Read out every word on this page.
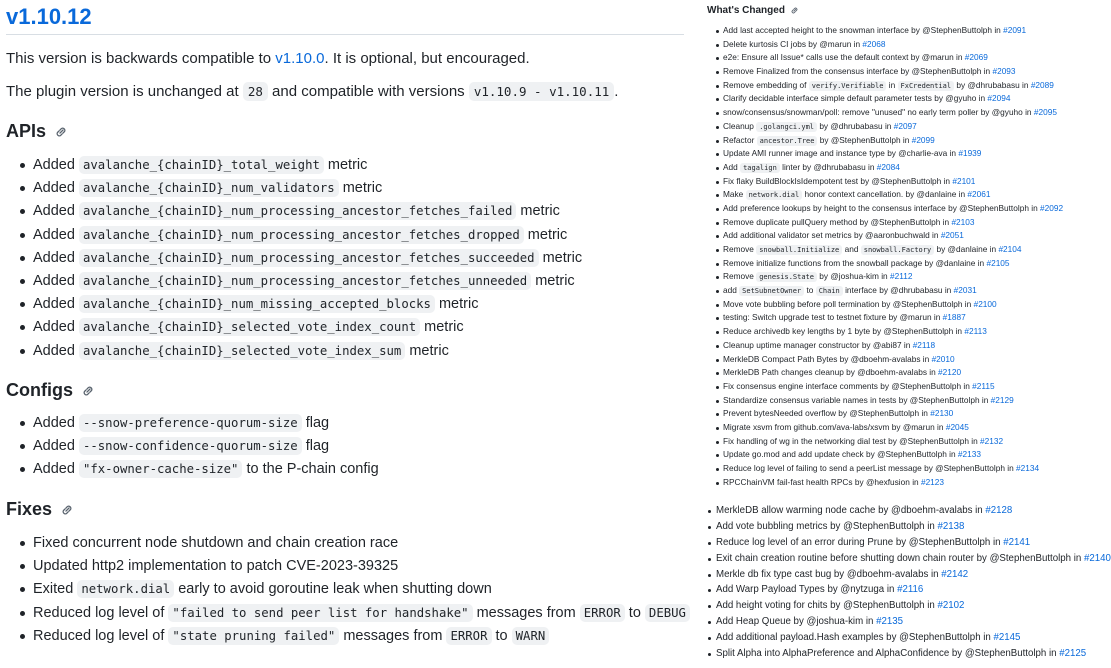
v1.10.12

This version is backwards compatible to v1.10.0. It is optional, but encouraged.

The plugin version is unchanged at 28 and compatible with versions v1.10.9 - v1.10.11 .

APIs
Added avalanche_{chainID}_total_weight metric
Added avalanche_{chainID}_num_validators metric
Added avalanche_{chainID}_num_processing_ancestor_fetches_failed metric
Added avalanche_{chainID}_num_processing_ancestor_fetches_dropped metric
Added avalanche_{chainID}_num_processing_ancestor_fetches_succeeded metric
Added avalanche_{chainID}_num_processing_ancestor_fetches_unneeded metric
Added avalanche_{chainID}_num_missing_accepted_blocks metric
Added avalanche_{chainID}_selected_vote_index_count metric
Added avalanche_{chainID}_selected_vote_index_sum metric
Configs
Added --snow-preference-quorum-size flag
Added --snow-confidence-quorum-size flag
Added "fx-owner-cache-size" to the P-chain config
Fixes
Fixed concurrent node shutdown and chain creation race
Updated http2 implementation to patch CVE-2023-39325
Exited network.dial early to avoid goroutine leak when shutting down
Reduced log level of "failed to send peer list for handshake" messages from ERROR to DEBUG
Reduced log level of "state pruning failed" messages from ERROR to WARN
What's Changed
Add last accepted height to the snowman interface by @StephenButtolph in #2091
Delete kurtosis CI jobs by @marun in #2068
e2e: Ensure all Issue* calls use the default context by @marun in #2069
Remove Finalized from the consensus interface by @StephenButtolph in #2093
Remove embedding of verify.Verifiable in FxCredential by @dhrubabasu in #2089
Clarify decidable interface simple default parameter tests by @gyuho in #2094
snow/consensus/snowman/poll: remove "unused" no early term poller by @gyuho in #2095
Cleanup .golangci.yml by @dhrubabasu in #2097
Refactor ancestor.Tree by @StephenButtolph in #2099
Update AMI runner image and instance type by @charlie-ava in #1939
Add tagalign linter by @dhrubabasu in #2084
Fix flaky BuildBlockIsIdempotent test by @StephenButtolph in #2101
Make network.dial honor context cancellation. by @danlaine in #2061
Add preference lookups by height to the consensus interface by @StephenButtolph in #2092
Remove duplicate pullQuery method by @StephenButtolph in #2103
Add additional validator set metrics by @aaronbuchwald in #2051
Remove snowball.Initialize and snowball.Factory by @danlaine in #2104
Remove initialize functions from the snowball package by @danlaine in #2105
Remove genesis.State by @joshua-kim in #2112
add SetSubnetOwner to Chain interface by @dhrubabasu in #2031
Move vote bubbling before poll termination by @StephenButtolph in #2100
testing: Switch upgrade test to testnet fixture by @marun in #1887
Reduce archivedb key lengths by 1 byte by @StephenButtolph in #2113
Cleanup uptime manager constructor by @abi87 in #2118
MerkleDB Compact Path Bytes by @dboehm-avalabs in #2010
MerkleDB Path changes cleanup by @dboehm-avalabs in #2120
Fix consensus engine interface comments by @StephenButtolph in #2115
Standardize consensus variable names in tests by @StephenButtolph in #2129
Prevent bytesNeeded overflow by @StephenButtolph in #2130
Migrate xsvm from github.com/ava-labs/xsvm by @marun in #2045
Fix handling of wg in the networking dial test by @StephenButtolph in #2132
Update go.mod and add update check by @StephenButtolph in #2133
Reduce log level of failing to send a peerList message by @StephenButtolph in #2134
RPCChainVM fail-fast health RPCs by @hexfusion in #2123
MerkleDB allow warming node cache by @dboehm-avalabs in #2128
Add vote bubbling metrics by @StephenButtolph in #2138
Reduce log level of an error during Prune by @StephenButtolph in #2141
Exit chain creation routine before shutting down chain router by @StephenButtolph in #2140
Merkle db fix type cast bug by @dboehm-avalabs in #2142
Add Warp Payload Types by @nytzuga in #2116
Add height voting for chits by @StephenButtolph in #2102
Add Heap Queue by @joshua-kim in #2135
Add additional payload.Hash examples by @StephenButtolph in #2145
Split Alpha into AlphaPreference and AlphaConfidence by @StephenButtolph in #2125
